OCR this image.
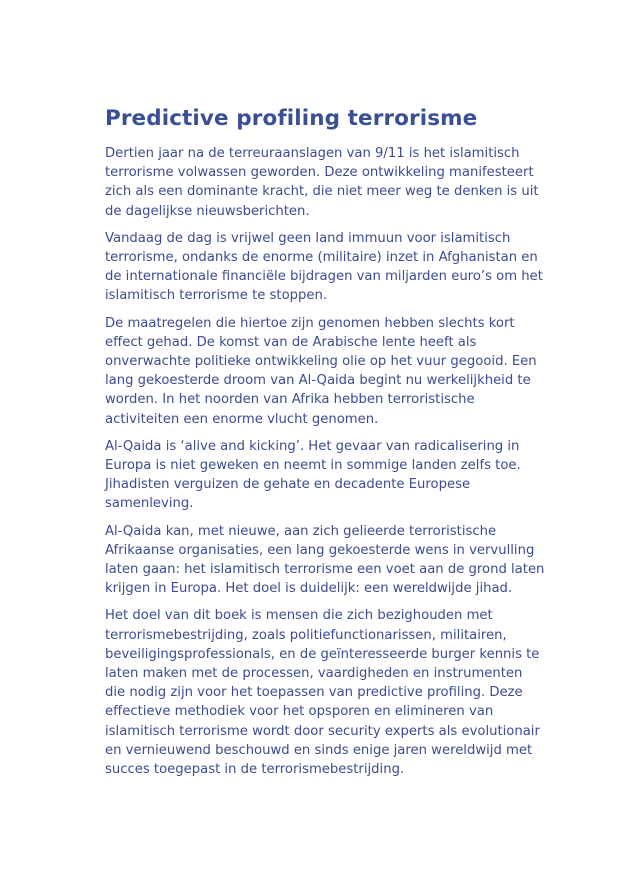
Predictive profiling terrorisme

Dertien jaar na de terreuraanslagen van 9/11 is het islamitisch terrorisme volwassen geworden. Deze ontwikkeling manifesteert zich als een dominante kracht, die niet meer weg te denken is uit de dagelijkse nieuwsberichten.

Vandaag de dag is vrijwel geen land immuun voor islamitisch terrorisme, ondanks de enorme (militaire) inzet in Afghanistan en de internationale financiële bijdragen van miljarden euro’s om het islamitisch terrorisme te stoppen.

De maatregelen die hiertoe zijn genomen hebben slechts kort effect gehad. De komst van de Arabische lente heeft als onverwachte politieke ontwikkeling olie op het vuur gegooid. Een lang gekoesterde droom van Al-Qaida begint nu werkelijkheid te worden. In het noorden van Afrika hebben terroristische activiteiten een enorme vlucht genomen.

Al-Qaida is ‘alive and kicking’. Het gevaar van radicalisering in Europa is niet geweken en neemt in sommige landen zelfs toe. Jihadisten verguizen de gehate en decadente Europese samenleving.

Al-Qaida kan, met nieuwe, aan zich gelieerde terroristische Afrikaanse organisaties, een lang gekoesterde wens in vervulling laten gaan: het islamitisch terrorisme een voet aan de grond laten krijgen in Europa. Het doel is duidelijk: een wereldwijde jihad.

Het doel van dit boek is mensen die zich bezighouden met terrorismebestrijding, zoals politiefunctionarissen, militairen, beveiligingsprofessionals, en de geïnteresseerde burger kennis te laten maken met de processen, vaardigheden en instrumenten die nodig zijn voor het toepassen van predictive profiling. Deze effectieve methodiek voor het opsporen en elimineren van islamitisch terrorisme wordt door security experts als evolutionair en vernieuwend beschouwd en sinds enige jaren wereldwijd met succes toegepast in de terrorismebestrijding.
